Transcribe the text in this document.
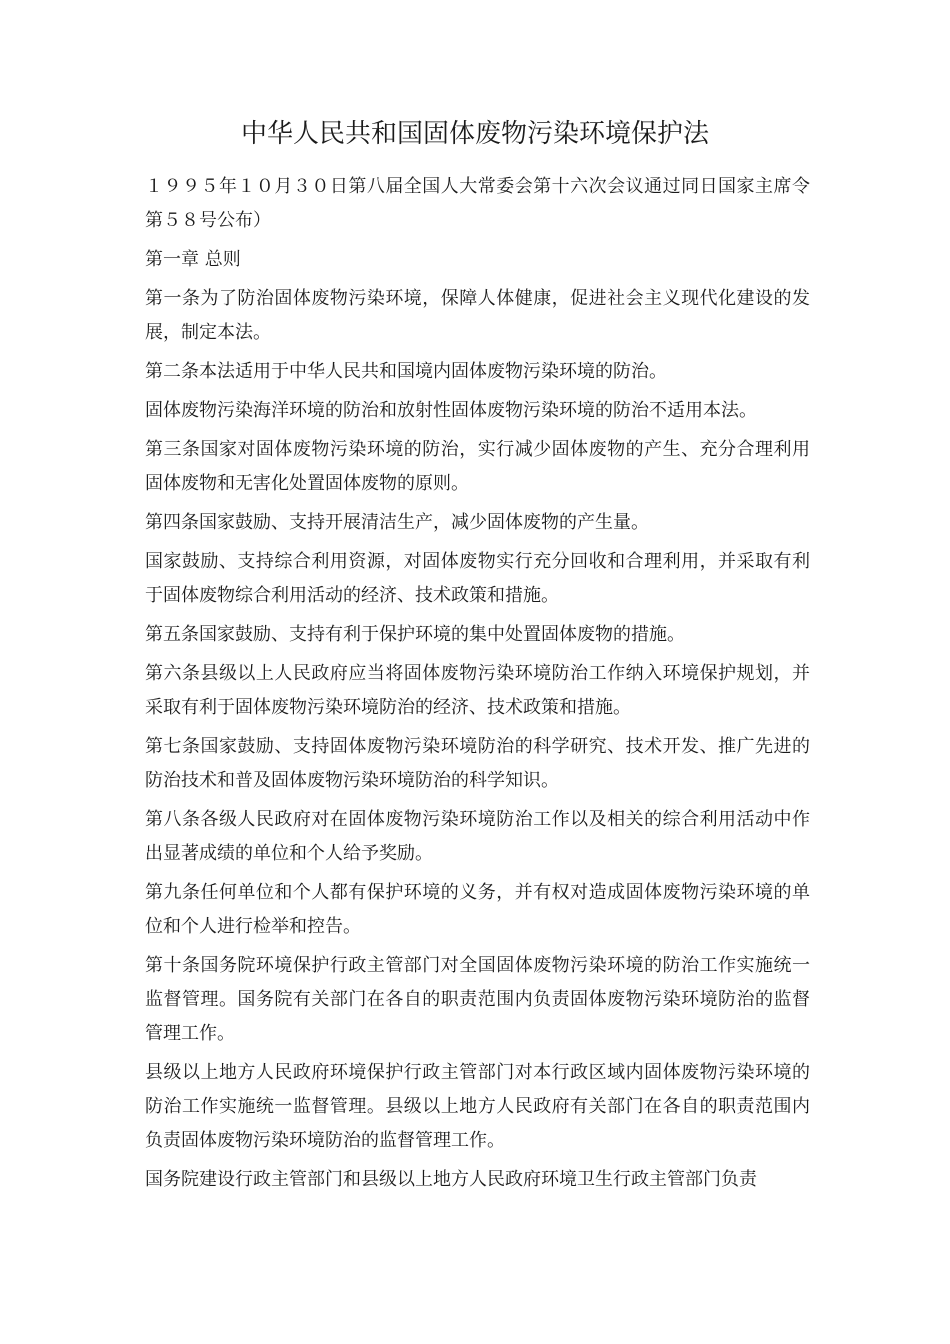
中华人民共和国固体废物污染环境保护法

１９９５年１０月３０日第八届全国人大常委会第十六次会议通过同日国家主席令第５８号公布）

第一章 总则

第一条为了防治固体废物污染环境，保障人体健康，促进社会主义现代化建设的发展，制定本法。

第二条本法适用于中华人民共和国境内固体废物污染环境的防治。

固体废物污染海洋环境的防治和放射性固体废物污染环境的防治不适用本法。

第三条国家对固体废物污染环境的防治，实行减少固体废物的产生、充分合理利用固体废物和无害化处置固体废物的原则。

第四条国家鼓励、支持开展清洁生产，减少固体废物的产生量。

国家鼓励、支持综合利用资源，对固体废物实行充分回收和合理利用，并采取有利于固体废物综合利用活动的经济、技术政策和措施。

第五条国家鼓励、支持有利于保护环境的集中处置固体废物的措施。

第六条县级以上人民政府应当将固体废物污染环境防治工作纳入环境保护规划，并采取有利于固体废物污染环境防治的经济、技术政策和措施。

第七条国家鼓励、支持固体废物污染环境防治的科学研究、技术开发、推广先进的防治技术和普及固体废物污染环境防治的科学知识。

第八条各级人民政府对在固体废物污染环境防治工作以及相关的综合利用活动中作出显著成绩的单位和个人给予奖励。

第九条任何单位和个人都有保护环境的义务，并有权对造成固体废物污染环境的单位和个人进行检举和控告。

第十条国务院环境保护行政主管部门对全国固体废物污染环境的防治工作实施统一监督管理。国务院有关部门在各自的职责范围内负责固体废物污染环境防治的监督管理工作。

县级以上地方人民政府环境保护行政主管部门对本行政区域内固体废物污染环境的防治工作实施统一监督管理。县级以上地方人民政府有关部门在各自的职责范围内负责固体废物污染环境防治的监督管理工作。

国务院建设行政主管部门和县级以上地方人民政府环境卫生行政主管部门负责
